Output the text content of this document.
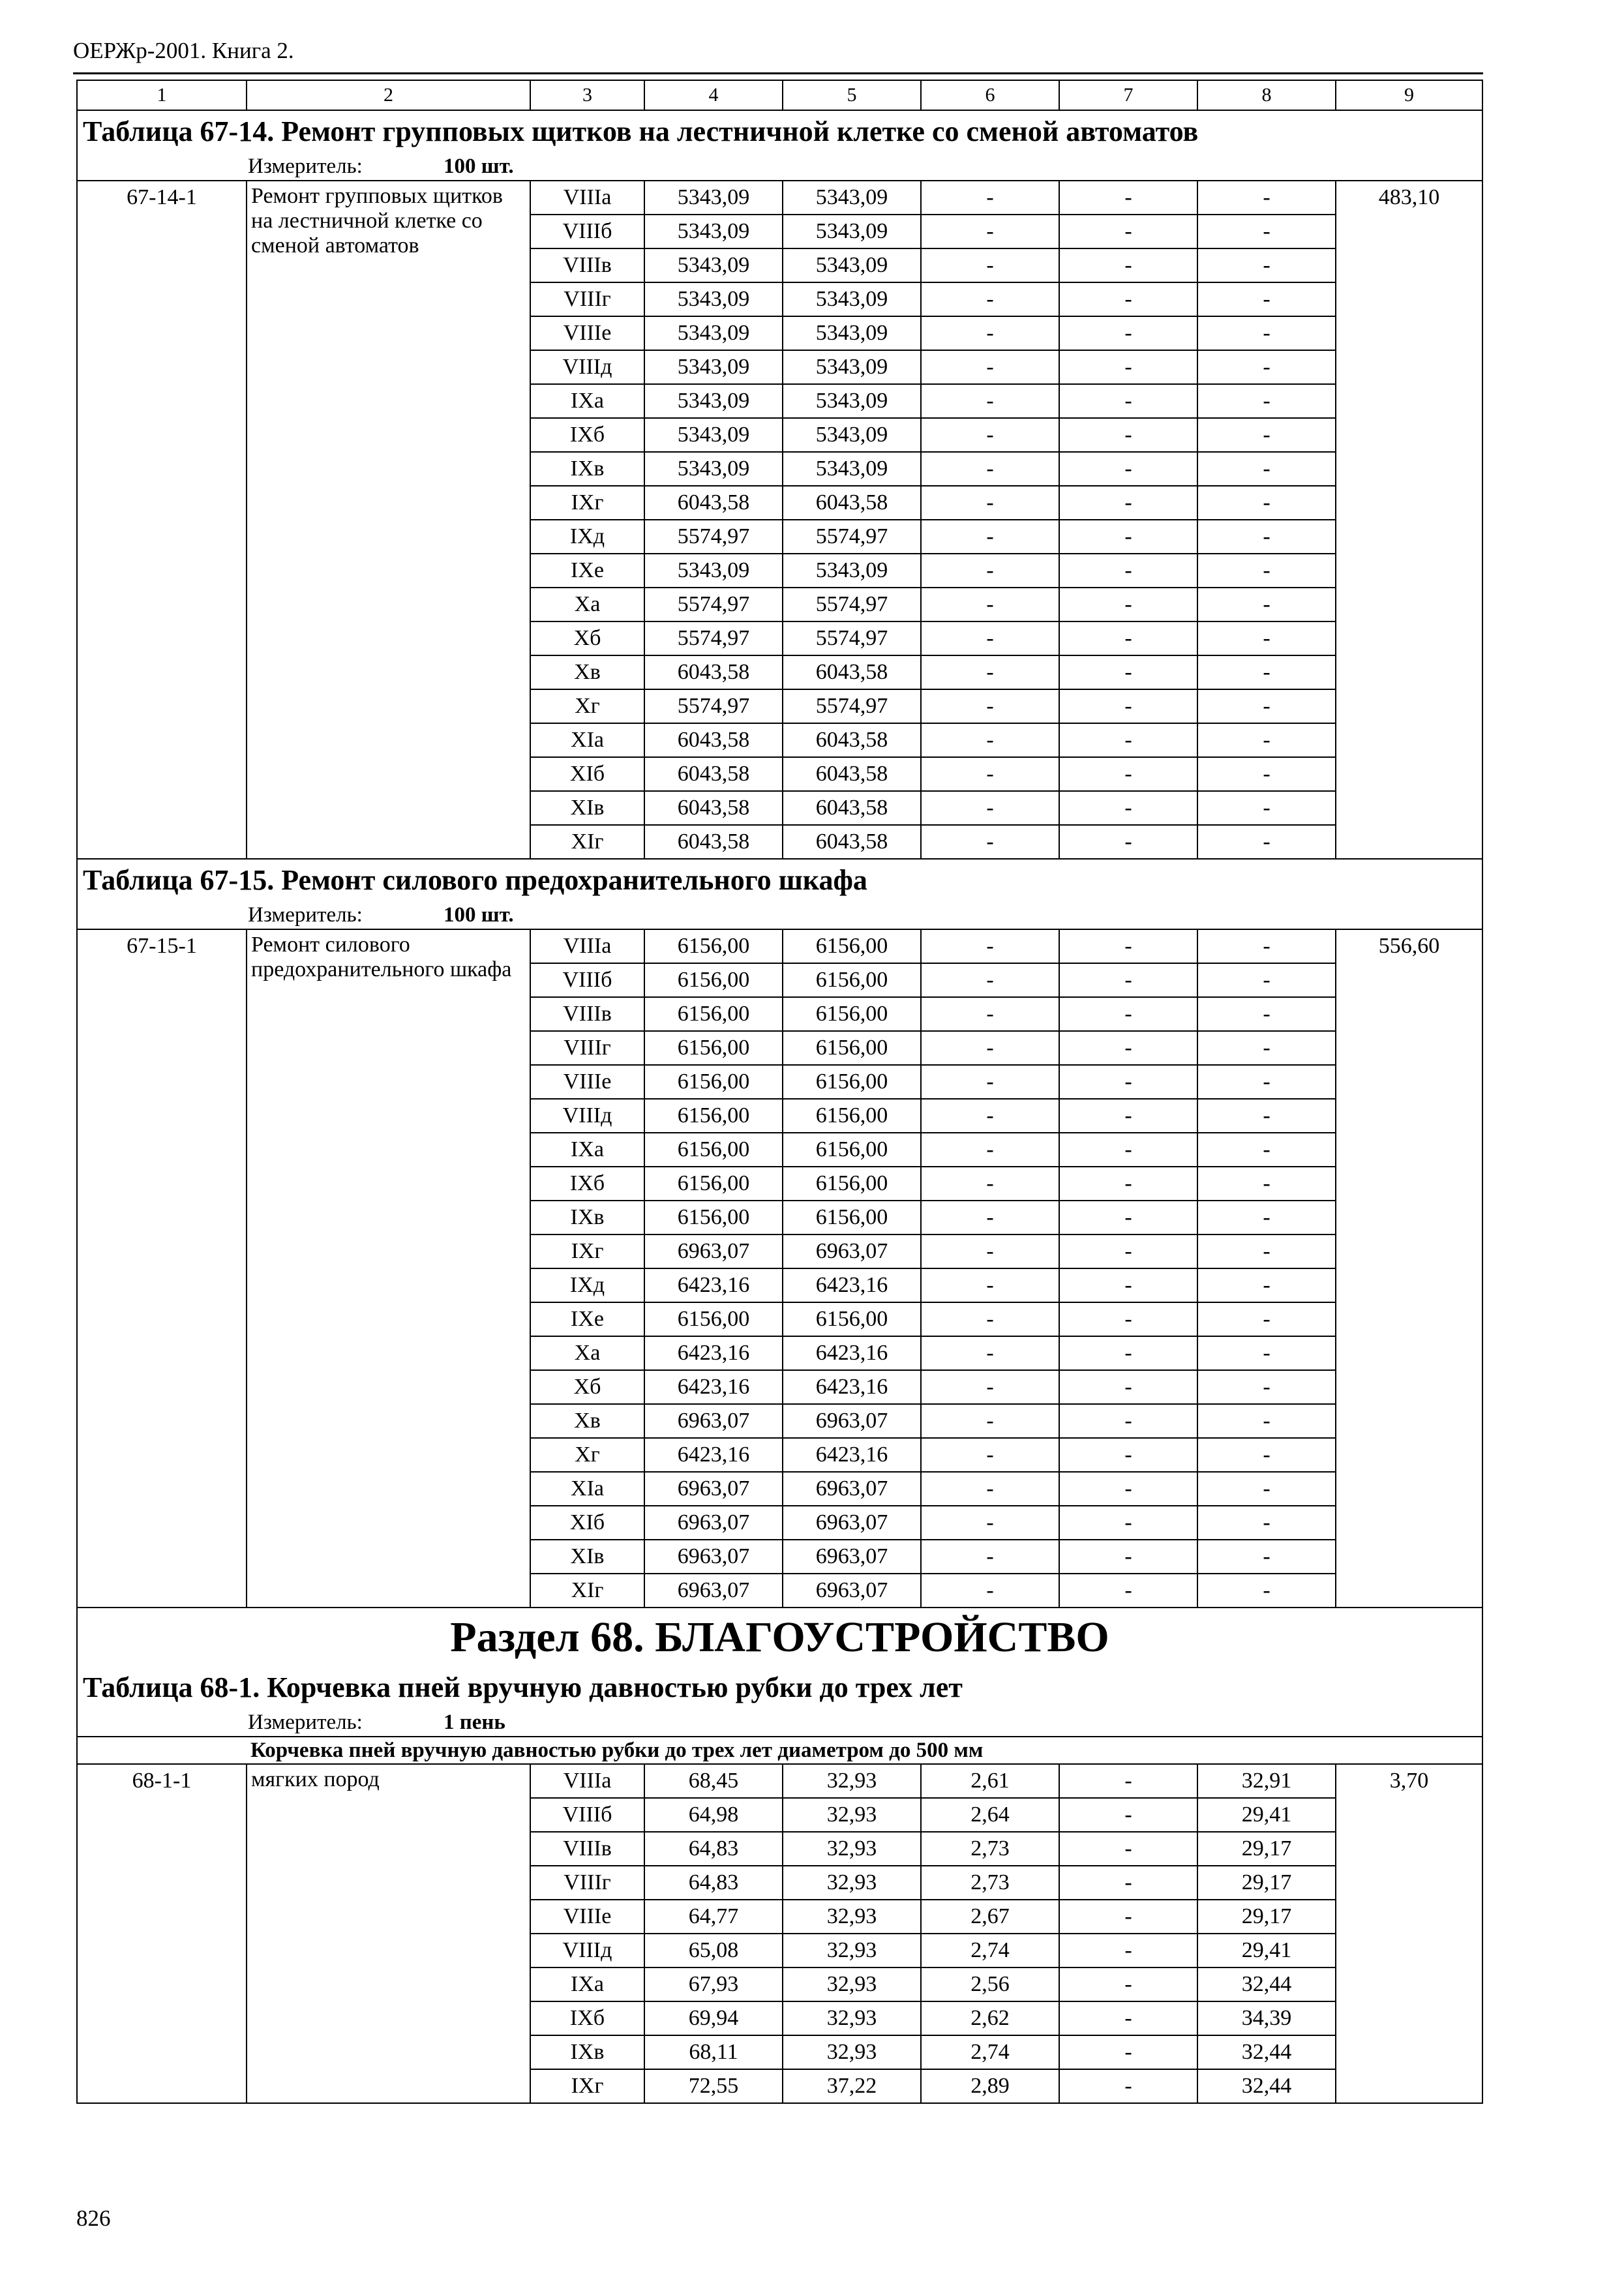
ОЕРЖр-2001. Книга 2.
1	2	3	4	5	6	7	8	9
Таблица 67-14. Ремонт групповых щитков на лестничной клетке со сменой автоматов								
Измеритель: 100 шт.								
67-14-1	Ремонт групповых щитков на лестничной клетке со сменой автоматов	VIIIa	5343,09	5343,09	-	-	-	483,10
		VIIIб	5343,09	5343,09	-	-	-	
		VIIIв	5343,09	5343,09	-	-	-	
		VIIIг	5343,09	5343,09	-	-	-	
		VIIIе	5343,09	5343,09	-	-	-	
		VIIIд	5343,09	5343,09	-	-	-	
		IXa	5343,09	5343,09	-	-	-	
		IXб	5343,09	5343,09	-	-	-	
		IXв	5343,09	5343,09	-	-	-	
		IXг	6043,58	6043,58	-	-	-	
		IXд	5574,97	5574,97	-	-	-	
		IXе	5343,09	5343,09	-	-	-	
		Xa	5574,97	5574,97	-	-	-	
		Xб	5574,97	5574,97	-	-	-	
		Xв	6043,58	6043,58	-	-	-	
		Xг	5574,97	5574,97	-	-	-	
		XIa	6043,58	6043,58	-	-	-	
		XIб	6043,58	6043,58	-	-	-	
		XIв	6043,58	6043,58	-	-	-	
		XIг	6043,58	6043,58	-	-	-	
Таблица 67-15. Ремонт силового предохранительного шкафа								
Измеритель: 100 шт.								
67-15-1	Ремонт силового предохранительного шкафа	VIIIa	6156,00	6156,00	-	-	-	556,60
		VIIIб	6156,00	6156,00	-	-	-	
		VIIIв	6156,00	6156,00	-	-	-	
		VIIIг	6156,00	6156,00	-	-	-	
		VIIIе	6156,00	6156,00	-	-	-	
		VIIIд	6156,00	6156,00	-	-	-	
		IXa	6156,00	6156,00	-	-	-	
		IXб	6156,00	6156,00	-	-	-	
		IXв	6156,00	6156,00	-	-	-	
		IXг	6963,07	6963,07	-	-	-	
		IXд	6423,16	6423,16	-	-	-	
		IXе	6156,00	6156,00	-	-	-	
		Xa	6423,16	6423,16	-	-	-	
		Xб	6423,16	6423,16	-	-	-	
		Xв	6963,07	6963,07	-	-	-	
		Xг	6423,16	6423,16	-	-	-	
		XIa	6963,07	6963,07	-	-	-	
		XIб	6963,07	6963,07	-	-	-	
		XIв	6963,07	6963,07	-	-	-	
		XIг	6963,07	6963,07	-	-	-	
Раздел 68. БЛАГОУСТРОЙСТВО								
Таблица 68-1. Корчевка пней вручную давностью рубки до трех лет								
Измеритель: 1 пень								
Корчевка пней вручную давностью рубки до трех лет диаметром до 500 мм								
68-1-1	мягких пород	VIIIa	68,45	32,93	2,61	-	32,91	3,70
		VIIIб	64,98	32,93	2,64	-	29,41	
		VIIIв	64,83	32,93	2,73	-	29,17	
		VIIIг	64,83	32,93	2,73	-	29,17	
		VIIIе	64,77	32,93	2,67	-	29,17	
		VIIIд	65,08	32,93	2,74	-	29,41	
		IXa	67,93	32,93	2,56	-	32,44	
		IXб	69,94	32,93	2,62	-	34,39	
		IXв	68,11	32,93	2,74	-	32,44	
		IXг	72,55	37,22	2,89	-	32,44	
826
